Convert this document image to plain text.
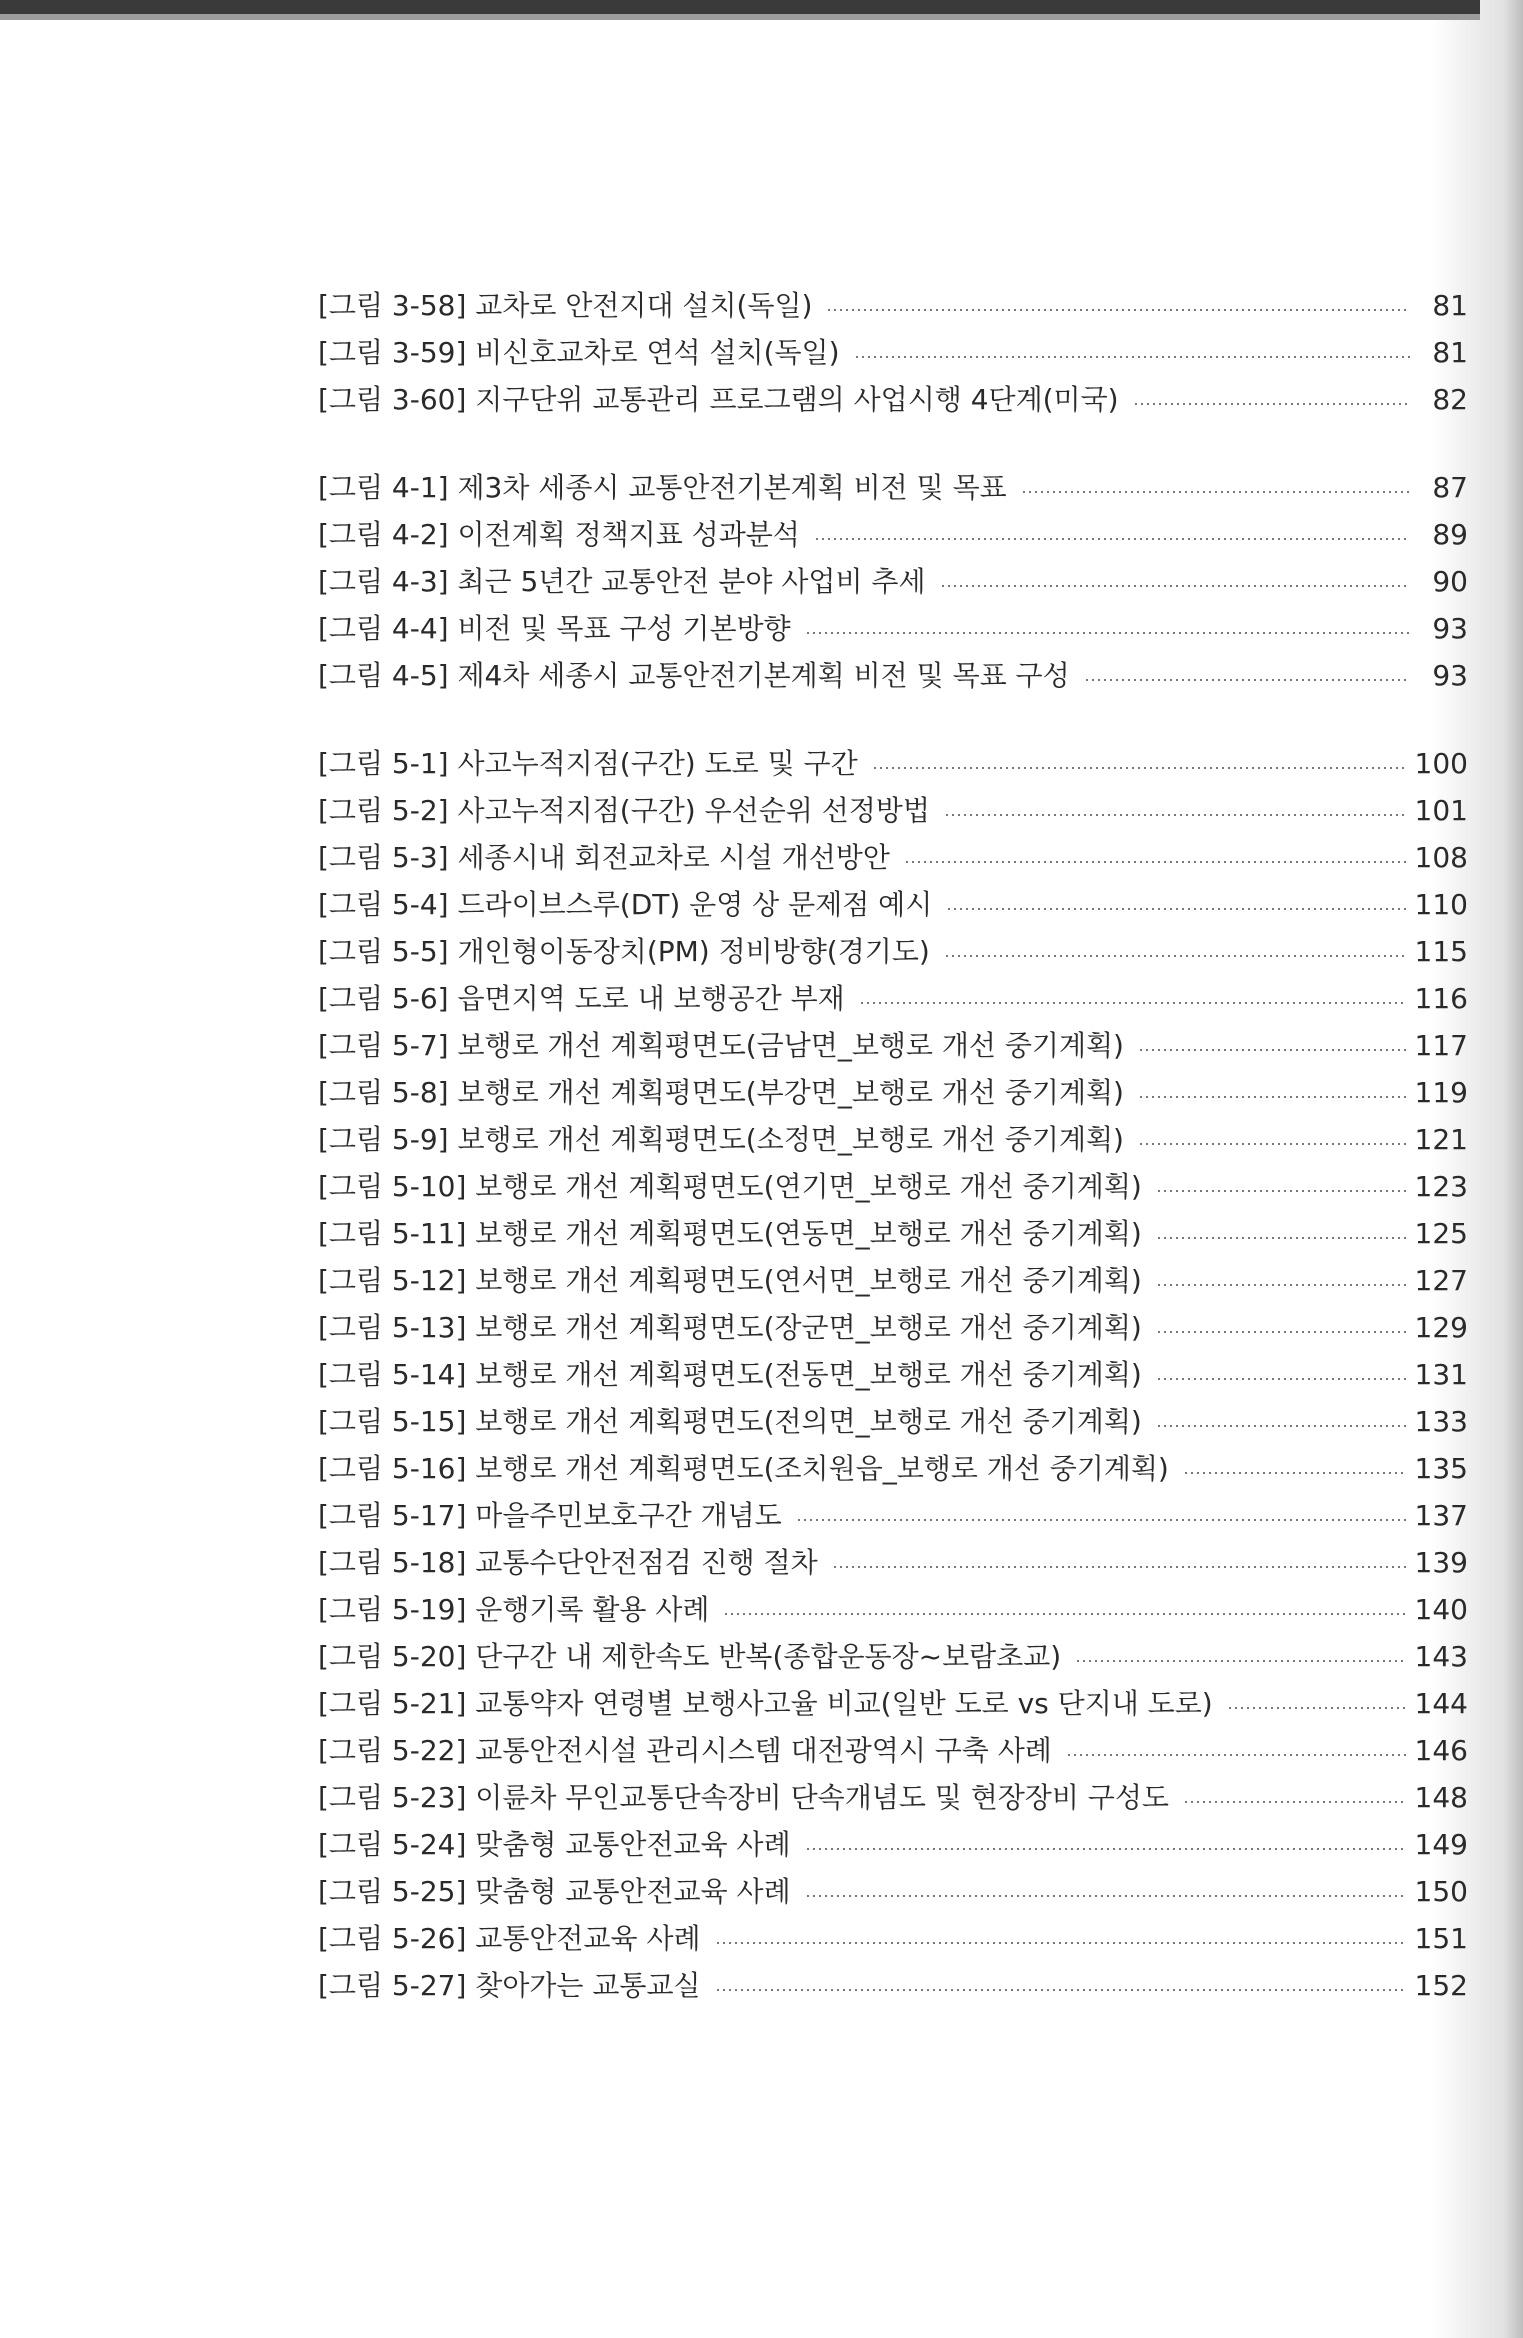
[그림 3-58] 교차로 안전지대 설치(독일)	81
[그림 3-59] 비신호교차로 연석 설치(독일)	81
[그림 3-60] 지구단위 교통관리 프로그램의 사업시행 4단계(미국)	82
[그림 4-1] 제3차 세종시 교통안전기본계획 비전 및 목표	87
[그림 4-2] 이전계획 정책지표 성과분석	89
[그림 4-3] 최근 5년간 교통안전 분야 사업비 추세	90
[그림 4-4] 비전 및 목표 구성 기본방향	93
[그림 4-5] 제4차 세종시 교통안전기본계획 비전 및 목표 구성	93
[그림 5-1] 사고누적지점(구간) 도로 및 구간	100
[그림 5-2] 사고누적지점(구간) 우선순위 선정방법	101
[그림 5-3] 세종시내 회전교차로 시설 개선방안	108
[그림 5-4] 드라이브스루(DT) 운영 상 문제점 예시	110
[그림 5-5] 개인형이동장치(PM) 정비방향(경기도)	115
[그림 5-6] 읍면지역 도로 내 보행공간 부재	116
[그림 5-7] 보행로 개선 계획평면도(금남면_보행로 개선 중기계획)	117
[그림 5-8] 보행로 개선 계획평면도(부강면_보행로 개선 중기계획)	119
[그림 5-9] 보행로 개선 계획평면도(소정면_보행로 개선 중기계획)	121
[그림 5-10] 보행로 개선 계획평면도(연기면_보행로 개선 중기계획)	123
[그림 5-11] 보행로 개선 계획평면도(연동면_보행로 개선 중기계획)	125
[그림 5-12] 보행로 개선 계획평면도(연서면_보행로 개선 중기계획)	127
[그림 5-13] 보행로 개선 계획평면도(장군면_보행로 개선 중기계획)	129
[그림 5-14] 보행로 개선 계획평면도(전동면_보행로 개선 중기계획)	131
[그림 5-15] 보행로 개선 계획평면도(전의면_보행로 개선 중기계획)	133
[그림 5-16] 보행로 개선 계획평면도(조치원읍_보행로 개선 중기계획)	135
[그림 5-17] 마을주민보호구간 개념도	137
[그림 5-18] 교통수단안전점검 진행 절차	139
[그림 5-19] 운행기록 활용 사례	140
[그림 5-20] 단구간 내 제한속도 반복(종합운동장~보람초교)	143
[그림 5-21] 교통약자 연령별 보행사고율 비교(일반 도로 vs 단지내 도로)	144
[그림 5-22] 교통안전시설 관리시스템 대전광역시 구축 사례	146
[그림 5-23] 이륜차 무인교통단속장비 단속개념도 및 현장장비 구성도	148
[그림 5-24] 맞춤형 교통안전교육 사례	149
[그림 5-25] 맞춤형 교통안전교육 사례	150
[그림 5-26] 교통안전교육 사례	151
[그림 5-27] 찾아가는 교통교실	152
